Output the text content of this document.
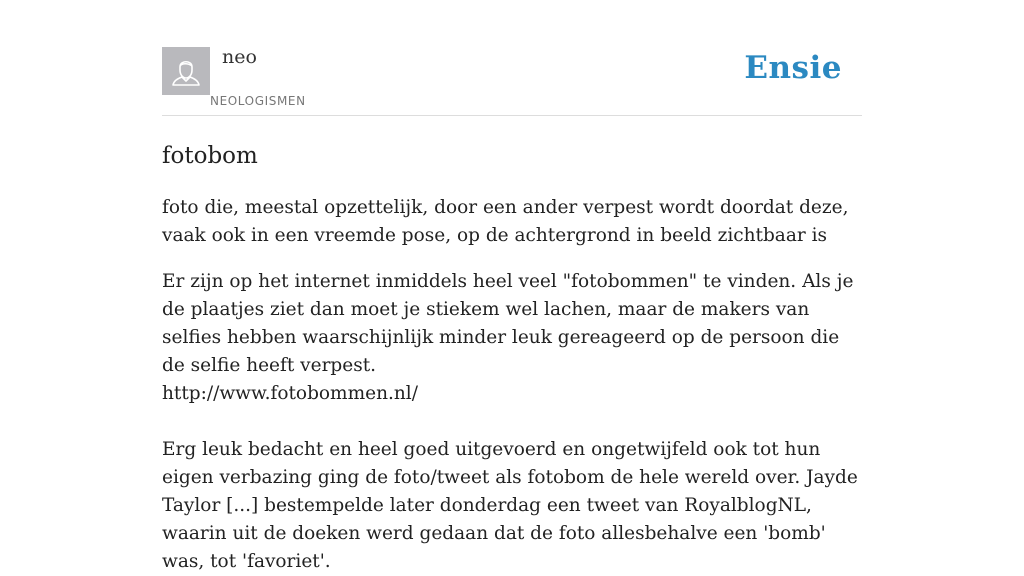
neo
NEOLOGISMEN
Ensie
fotobom
foto die, meestal opzettelijk, door een ander verpest wordt doordat deze, vaak ook in een vreemde pose, op de achtergrond in beeld zichtbaar is

Er zijn op het internet inmiddels heel veel "fotobommen" te vinden. Als je de plaatjes ziet dan moet je stiekem wel lachen, maar de makers van selfies hebben waarschijnlijk minder leuk gereageerd op de persoon die de selfie heeft verpest.

http://www.fotobommen.nl/

Erg leuk bedacht en heel goed uitgevoerd en ongetwijfeld ook tot hun eigen verbazing ging de foto/tweet als fotobom de hele wereld over. Jayde Taylor [...] bestempelde later donderdag een tweet van RoyalblogNL, waarin uit de doeken werd gedaan dat de foto allesbehalve een 'bomb' was, tot 'favoriet'.
